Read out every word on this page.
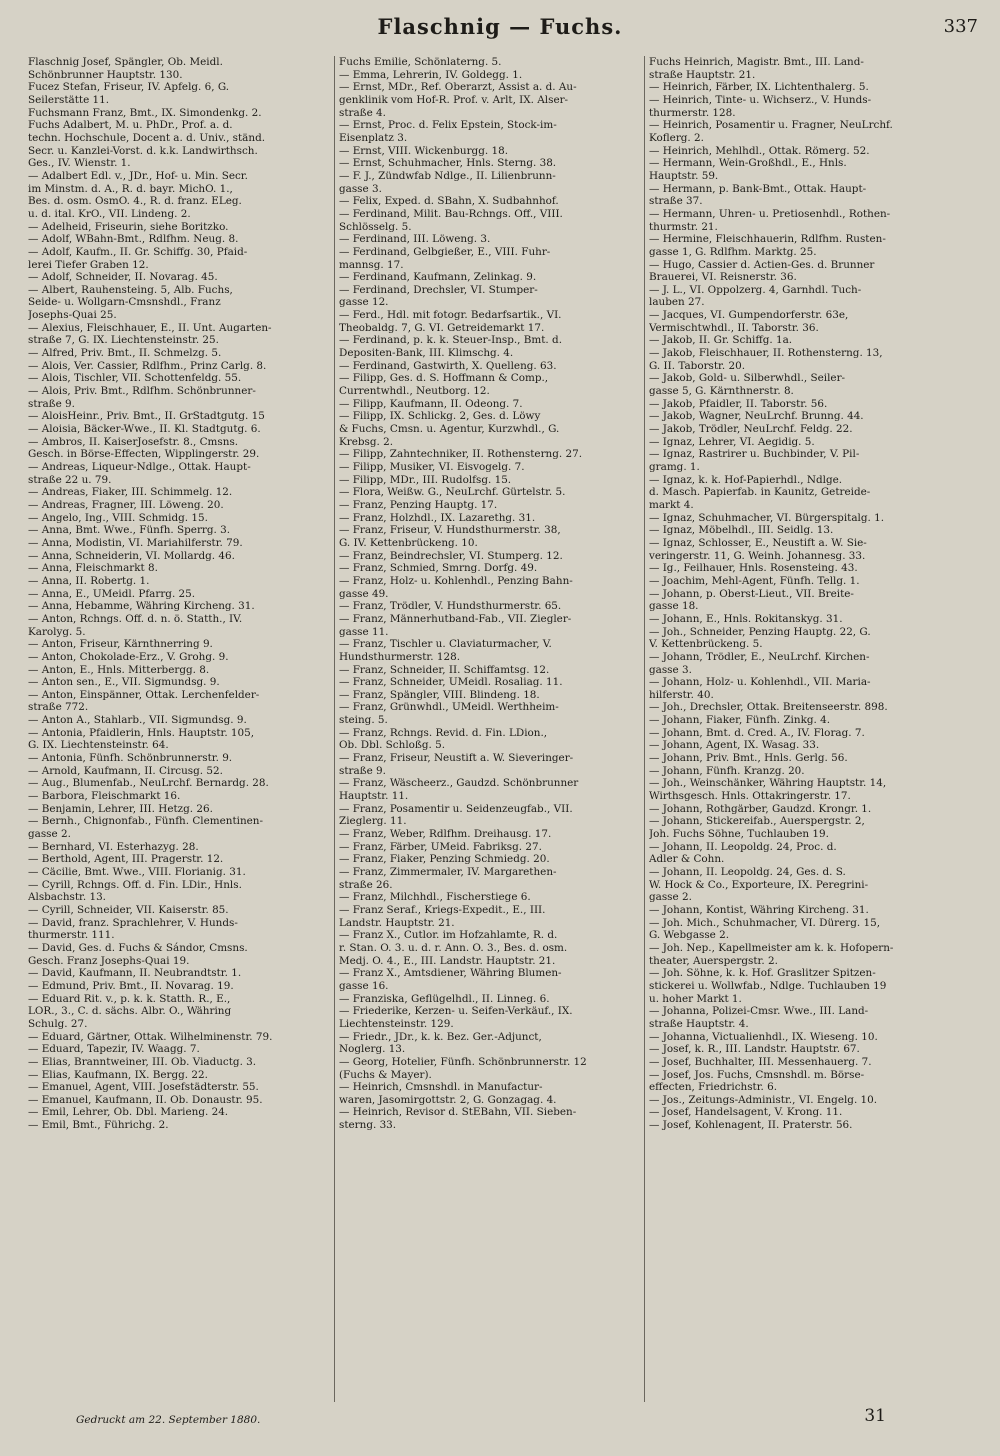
Flaschnig — Fuchs.	337
Flaschnig Josef, Spängler, Ob. Meidl.
Schönbrunner Hauptstr. 130.
Fucez Stefan, Friseur, IV. Apfelg. 6, G.
Seilerstätte 11.
Fuchsmann Franz, Bmt., IX. Simondenkg. 2.
Fuchs Adalbert, M. u. PhDr., Prof. a. d.
techn. Hochschule, Docent a. d. Univ., ständ.
Secr. u. Kanzlei-Vorst. d. k.k. Landwirthsch.
Ges., IV. Wienstr. 1.
— Adalbert Edl. v., JDr., Hof- u. Min. Secr.
im Minstm. d. A., R. d. bayr. MichO. 1.,
Bes. d. osm. OsmO. 4., R. d. franz. ELeg.
u. d. ital. KrO., VII. Lindeng. 2.
— Adelheid, Friseurin, siehe Boritzko.
— Adolf, WBahn-Bmt., Rdlfhm. Neug. 8.
— Adolf, Kaufm., II. Gr. Schiffg. 30, Pfaid-
lerei Tiefer Graben 12.
— Adolf, Schneider, II. Novarag. 45.
— Albert, Rauhensteing. 5, Alb. Fuchs,
Seide- u. Wollgarn-Cmsnshdl., Franz
Josephs-Quai 25.
— Alexius, Fleischhauer, E., II. Unt. Augarten-
straße 7, G. IX. Liechtensteinstr. 25.
— Alfred, Priv. Bmt., II. Schmelzg. 5.
— Alois, Ver. Cassier, Rdlfhm., Prinz Carlg. 8.
— Alois, Tischler, VII. Schottenfeldg. 55.
— Alois, Priv. Bmt., Rdlfhm. Schönbrunner-
straße 9.
— AloisHeinr., Priv. Bmt., II. GrStadtgutg. 15
— Aloisia, Bäcker-Wwe., II. Kl. Stadtgutg. 6.
— Ambros, II. KaiserJosefstr. 8., Cmsns.
Gesch. in Börse-Effecten, Wipplingerstr. 29.
— Andreas, Liqueur-Ndlge., Ottak. Haupt-
straße 22 u. 79.
— Andreas, Fiaker, III. Schimmelg. 12.
— Andreas, Fragner, III. Löweng. 20.
— Angelo, Ing., VIII. Schmidg. 15.
— Anna, Bmt. Wwe., Fünfh. Sperrg. 3.
— Anna, Modistin, VI. Mariahilferstr. 79.
— Anna, Schneiderin, VI. Mollardg. 46.
— Anna, Fleischmarkt 8.
— Anna, II. Robertg. 1.
— Anna, E., UMeidl. Pfarrg. 25.
— Anna, Hebamme, Währing Kircheng. 31.
— Anton, Rchngs. Off. d. n. ö. Statth., IV.
Karolyg. 5.
— Anton, Friseur, Kärnthnerring 9.
— Anton, Chokolade-Erz., V. Grohg. 9.
— Anton, E., Hnls. Mitterbergg. 8.
— Anton sen., E., VII. Sigmundsg. 9.
— Anton, Einspänner, Ottak. Lerchenfelder-
straße 772.
— Anton A., Stahlarb., VII. Sigmundsg. 9.
— Antonia, Pfaidlerin, Hnls. Hauptstr. 105,
G. IX. Liechtensteinstr. 64.
— Antonia, Fünfh. Schönbrunnerstr. 9.
— Arnold, Kaufmann, II. Circusg. 52.
— Aug., Blumenfab., NeuLrchf. Bernardg. 28.
— Barbora, Fleischmarkt 16.
— Benjamin, Lehrer, III. Hetzg. 26.
— Bernh., Chignonfab., Fünfh. Clementinen-
gasse 2.
— Bernhard, VI. Esterhazyg. 28.
— Berthold, Agent, III. Pragerstr. 12.
— Cäcilie, Bmt. Wwe., VIII. Florianig. 31.
— Cyrill, Rchngs. Off. d. Fin. LDir., Hnls.
Alsbachstr. 13.
— Cyrill, Schneider, VII. Kaiserstr. 85.
— David, franz. Sprachlehrer, V. Hunds-
thurmerstr. 111.
— David, Ges. d. Fuchs & Sándor, Cmsns.
Gesch. Franz Josephs-Quai 19.
— David, Kaufmann, II. Neubrandtstr. 1.
— Edmund, Priv. Bmt., II. Novarag. 19.
— Eduard Rit. v., p. k. k. Statth. R., E.,
LOR., 3., C. d. sächs. Albr. O., Währing
Schulg. 27.
— Eduard, Gärtner, Ottak. Wilhelminenstr. 79.
— Eduard, Tapezir, IV. Waagg. 7.
— Elias, Branntweiner, III. Ob. Viaductg. 3.
— Elias, Kaufmann, IX. Bergg. 22.
— Emanuel, Agent, VIII. Josefstädterstr. 55.
— Emanuel, Kaufmann, II. Ob. Donaustr. 95.
— Emil, Lehrer, Ob. Dbl. Marieng. 24.
— Emil, Bmt., Führichg. 2.
Fuchs Emilie, Schönlaterng. 5.
— Emma, Lehrerin, IV. Goldegg. 1.
— Ernst, MDr., Ref. Oberarzt, Assist a. d. Au-
genklinik vom Hof-R. Prof. v. Arlt, IX. Alser-
straße 4.
— Ernst, Proc. d. Felix Epstein, Stock-im-
Eisenplatz 3.
— Ernst, VIII. Wickenburgg. 18.
— Ernst, Schuhmacher, Hnls. Sterng. 38.
— F. J., Zündwfab Ndlge., II. Lilienbrunn-
gasse 3.
— Felix, Exped. d. SBahn, X. Sudbahnhof.
— Ferdinand, Milit. Bau-Rchngs. Off., VIII.
Schlösselg. 5.
— Ferdinand, III. Löweng. 3.
— Ferdinand, Gelbgießer, E., VIII. Fuhr-
mannsg. 17.
— Ferdinand, Kaufmann, Zelinkag. 9.
— Ferdinand, Drechsler, VI. Stumper-
gasse 12.
— Ferd., Hdl. mit fotogr. Bedarfsartik., VI.
Theobaldg. 7, G. VI. Getreidemarkt 17.
— Ferdinand, p. k. k. Steuer-Insp., Bmt. d.
Depositen-Bank, III. Klimschg. 4.
— Ferdinand, Gastwirth, X. Quelleng. 63.
— Filipp, Ges. d. S. Hoffmann & Comp.,
Currentwhdl., Neutborg. 12.
— Filipp, Kaufmann, II. Odeong. 7.
— Filipp, IX. Schlickg. 2, Ges. d. Löwy
& Fuchs, Cmsn. u. Agentur, Kurzwhdl., G.
Krebsg. 2.
— Filipp, Zahntechniker, II. Rothensterng. 27.
— Filipp, Musiker, VI. Eisvogelg. 7.
— Filipp, MDr., III. Rudolfsg. 15.
— Flora, Weißw. G., NeuLrchf. Gürtelstr. 5.
— Franz, Penzing Hauptg. 17.
— Franz, Holzhdl., IX. Lazarethg. 31.
— Franz, Friseur, V. Hundsthurmerstr. 38,
G. IV. Kettenbrückeng. 10.
— Franz, Beindrechsler, VI. Stumperg. 12.
— Franz, Schmied, Smrng. Dorfg. 49.
— Franz, Holz- u. Kohlenhdl., Penzing Bahn-
gasse 49.
— Franz, Trödler, V. Hundsthurmerstr. 65.
— Franz, Männerhutband-Fab., VII. Ziegler-
gasse 11.
— Franz, Tischler u. Claviaturmacher, V.
Hundsthurmerstr. 128.
— Franz, Schneider, II. Schiffamtsg. 12.
— Franz, Schneider, UMeidl. Rosaliag. 11.
— Franz, Spängler, VIII. Blindeng. 18.
— Franz, Grünwhdl., UMeidl. Werthheim-
steing. 5.
— Franz, Rchngs. Revid. d. Fin. LDion.,
Ob. Dbl. Schloßg. 5.
— Franz, Friseur, Neustift a. W. Sieveringer-
straße 9.
— Franz, Wäscheerz., Gaudzd. Schönbrunner
Hauptstr. 11.
— Franz, Posamentir u. Seidenzeugfab., VII.
Zieglerg. 11.
— Franz, Weber, Rdlfhm. Dreihausg. 17.
— Franz, Färber, UMeid. Fabriksg. 27.
— Franz, Fiaker, Penzing Schmiedg. 20.
— Franz, Zimmermaler, IV. Margarethen-
straße 26.
— Franz, Milchhdl., Fischerstiege 6.
— Franz Seraf., Kriegs-Expedit., E., III.
Landstr. Hauptstr. 21.
— Franz X., Cutlor. im Hofzahlamte, R. d.
r. Stan. O. 3. u. d. r. Ann. O. 3., Bes. d. osm.
Medj. O. 4., E., III. Landstr. Hauptstr. 21.
— Franz X., Amtsdiener, Währing Blumen-
gasse 16.
— Franziska, Geflügelhdl., II. Linneg. 6.
— Friederike, Kerzen- u. Seifen-Verkäuf., IX.
Liechtensteinstr. 129.
— Friedr., JDr., k. k. Bez. Ger.-Adjunct,
Noglerg. 13.
— Georg, Hotelier, Fünfh. Schönbrunnerstr. 12
(Fuchs & Mayer).
— Heinrich, Cmsnshdl. in Manufactur-
waren, Jasomirgottstr. 2, G. Gonzagag. 4.
— Heinrich, Revisor d. StEBahn, VII. Sieben-
sterng. 33.
Fuchs Heinrich, Magistr. Bmt., III. Land-
straße Hauptstr. 21.
— Heinrich, Färber, IX. Lichtenthalerg. 5.
— Heinrich, Tinte- u. Wichserz., V. Hunds-
thurmerstr. 128.
— Heinrich, Posamentir u. Fragner, NeuLrchf.
Koflerg. 2.
— Heinrich, Mehlhdl., Ottak. Römerg. 52.
— Hermann, Wein-Großhdl., E., Hnls.
Hauptstr. 59.
— Hermann, p. Bank-Bmt., Ottak. Haupt-
straße 37.
— Hermann, Uhren- u. Pretiosenhdl., Rothen-
thurmstr. 21.
— Hermine, Fleischhauerin, Rdlfhm. Rusten-
gasse 1, G. Rdlfhm. Marktg. 25.
— Hugo, Cassier d. Actien-Ges. d. Brunner
Brauerei, VI. Reisnerstr. 36.
— J. L., VI. Oppolzerg. 4, Garnhdl. Tuch-
lauben 27.
— Jacques, VI. Gumpendorferstr. 63e,
Vermischtwhdl., II. Taborstr. 36.
— Jakob, II. Gr. Schiffg. 1a.
— Jakob, Fleischhauer, II. Rothensterng. 13,
G. II. Taborstr. 20.
— Jakob, Gold- u. Silberwhdl., Seiler-
gasse 5, G. Kärnthnerstr. 8.
— Jakob, Pfaidler, II. Taborstr. 56.
— Jakob, Wagner, NeuLrchf. Brunng. 44.
— Jakob, Trödler, NeuLrchf. Feldg. 22.
— Ignaz, Lehrer, VI. Aegidig. 5.
— Ignaz, Rastrirer u. Buchbinder, V. Pil-
gramg. 1.
— Ignaz, k. k. Hof-Papierhdl., Ndlge.
d. Masch. Papierfab. in Kaunitz, Getreide-
markt 4.
— Ignaz, Schuhmacher, VI. Bürgerspitalg. 1.
— Ignaz, Möbelhdl., III. Seidlg. 13.
— Ignaz, Schlosser, E., Neustift a. W. Sie-
veringerstr. 11, G. Weinh. Johannesg. 33.
— Ig., Feilhauer, Hnls. Rosensteing. 43.
— Joachim, Mehl-Agent, Fünfh. Tellg. 1.
— Johann, p. Oberst-Lieut., VII. Breite-
gasse 18.
— Johann, E., Hnls. Rokitanskyg. 31.
— Joh., Schneider, Penzing Hauptg. 22, G.
V. Kettenbrückeng. 5.
— Johann, Trödler, E., NeuLrchf. Kirchen-
gasse 3.
— Johann, Holz- u. Kohlenhdl., VII. Maria-
hilferstr. 40.
— Joh., Drechsler, Ottak. Breitenseerstr. 898.
— Johann, Fiaker, Fünfh. Zinkg. 4.
— Johann, Bmt. d. Cred. A., IV. Florag. 7.
— Johann, Agent, IX. Wasag. 33.
— Johann, Priv. Bmt., Hnls. Gerlg. 56.
— Johann, Fünfh. Kranzg. 20.
— Joh., Weinschänker, Währing Hauptstr. 14,
Wirthsgesch. Hnls. Ottakringerstr. 17.
— Johann, Rothgärber, Gaudzd. Krongr. 1.
— Johann, Stickereifab., Auerspergstr. 2,
Joh. Fuchs Söhne, Tuchlauben 19.
— Johann, II. Leopoldg. 24, Proc. d.
Adler & Cohn.
— Johann, II. Leopoldg. 24, Ges. d. S.
W. Hock & Co., Exporteure, IX. Peregrini-
gasse 2.
— Johann, Kontist, Währing Kircheng. 31.
— Joh. Mich., Schuhmacher, VI. Dürerg. 15,
G. Webgasse 2.
— Joh. Nep., Kapellmeister am k. k. Hofopern-
theater, Auerspergstr. 2.
— Joh. Söhne, k. k. Hof. Graslitzer Spitzen-
stickerei u. Wollwfab., Ndlge. Tuchlauben 19
u. hoher Markt 1.
— Johanna, Polizei-Cmsr. Wwe., III. Land-
straße Hauptstr. 4.
— Johanna, Victualienhdl., IX. Wieseng. 10.
— Josef, k. R., III. Landstr. Hauptstr. 67.
— Josef, Buchhalter, III. Messenhauerg. 7.
— Josef, Jos. Fuchs, Cmsnshdl. m. Börse-
effecten, Friedrichstr. 6.
— Jos., Zeitungs-Administr., VI. Engelg. 10.
— Josef, Handelsagent, V. Krong. 11.
— Josef, Kohlenagent, II. Praterstr. 56.
Gedruckt am 22. September 1880.	31
